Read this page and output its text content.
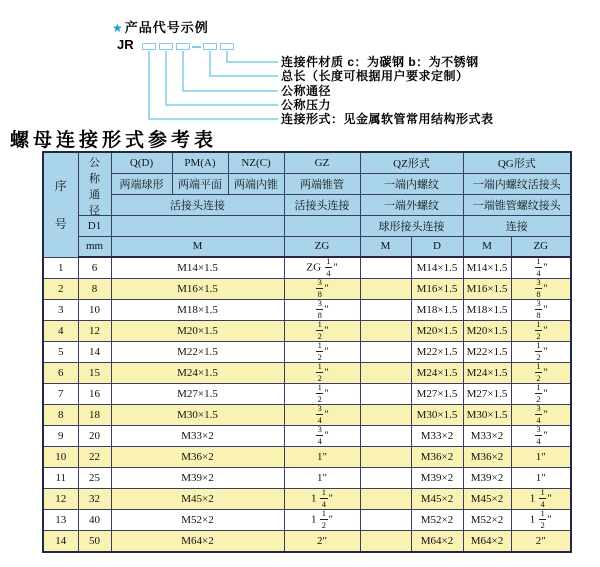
★产品代号示例
JR
连接件材质 c：为碳钢 b：为不锈钢
总长（长度可根据用户要求定制）
公称通径
公称压力
连接形式：见金属软管常用结构形式表
螺母连接形式参考表
序
号	公
称
通
径	Q(D)	PM(A)	NZ(C)	GZ	QZ形式		QG形式	
		两端球形	两端平面	两端内锥	两端锥管	一端内螺纹		一端内螺纹活接头	
		活接头连接			活接头连接	一端外螺纹		一端锥管螺纹接头	
	D1					球形接头连接		连接	
	mm	M			ZG	M	D	M	ZG
1	6	M14×1.5			ZG $\frac{1}{4}$ "		M14×1.5	M14×1.5	$\frac{1}{4}$ "
2	8	M16×1.5			$\frac{3}{8}$ "		M16×1.5	M16×1.5	$\frac{3}{8}$ "
3	10	M18×1.5			$\frac{3}{8}$ "		M18×1.5	M18×1.5	$\frac{3}{8}$ "
4	12	M20×1.5			$\frac{1}{2}$ "		M20×1.5	M20×1.5	$\frac{1}{2}$ "
5	14	M22×1.5			$\frac{1}{2}$ "		M22×1.5	M22×1.5	$\frac{1}{2}$ "
6	15	M24×1.5			$\frac{1}{2}$ "		M24×1.5	M24×1.5	$\frac{1}{2}$ "
7	16	M27×1.5			$\frac{1}{2}$ "		M27×1.5	M27×1.5	$\frac{1}{2}$ "
8	18	M30×1.5			$\frac{3}{4}$ "		M30×1.5	M30×1.5	$\frac{3}{4}$ "
9	20	M33×2			$\frac{3}{4}$ "		M33×2	M33×2	$\frac{3}{4}$ "
10	22	M36×2			1"		M36×2	M36×2	1"
11	25	M39×2			1"		M39×2	M39×2	1"
12	32	M45×2			$1 \frac{1}{4}$ "		M45×2	M45×2	$1 \frac{1}{4}$ "
13	40	M52×2			$1 \frac{1}{2}$ "		M52×2	M52×2	$1 \frac{1}{2}$ "
14	50	M64×2			2"		M64×2	M64×2	2"
